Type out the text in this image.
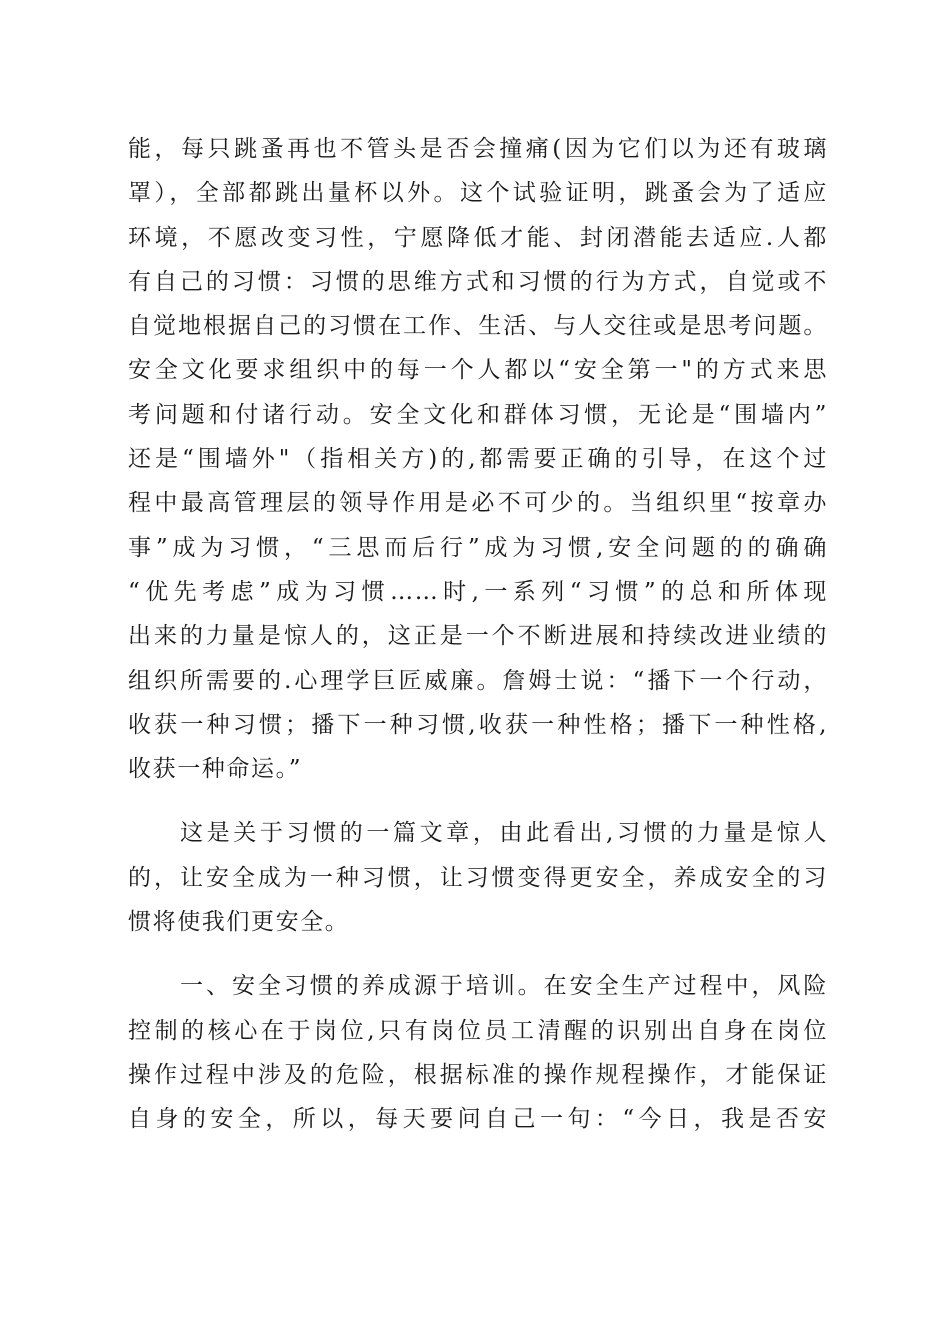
能，每只跳蚤再也不管头是否会撞痛(因为它们以为还有玻璃
罩），全部都跳出量杯以外。这个试验证明，跳蚤会为了适应
环境，不愿改变习性，宁愿降低才能、封闭潜能去适应.人都
有自己的习惯：习惯的思维方式和习惯的行为方式，自觉或不
自觉地根据自己的习惯在工作、生活、与人交往或是思考问题。
安全文化要求组织中的每一个人都以“安全第一"的方式来思
考问题和付诸行动。安全文化和群体习惯，无论是“围墙内”
还是“围墙外"（指相关方)的,都需要正确的引导，在这个过
程中最高管理层的领导作用是必不可少的。当组织里“按章办
事”成为习惯，“三思而后行”成为习惯,安全问题的的确确
“优先考虑”成为习惯……时,一系列“习惯”的总和所体现
出来的力量是惊人的，这正是一个不断进展和持续改进业绩的
组织所需要的.心理学巨匠威廉。詹姆士说：“播下一个行动，
收获一种习惯；播下一种习惯,收获一种性格；播下一种性格,
收获一种命运。”
这是关于习惯的一篇文章，由此看出,习惯的力量是惊人
的，让安全成为一种习惯，让习惯变得更安全，养成安全的习
惯将使我们更安全。
一、安全习惯的养成源于培训。在安全生产过程中，风险
控制的核心在于岗位,只有岗位员工清醒的识别出自身在岗位
操作过程中涉及的危险，根据标准的操作规程操作，才能保证
自身的安全，所以，每天要问自己一句：“今日，我是否安
